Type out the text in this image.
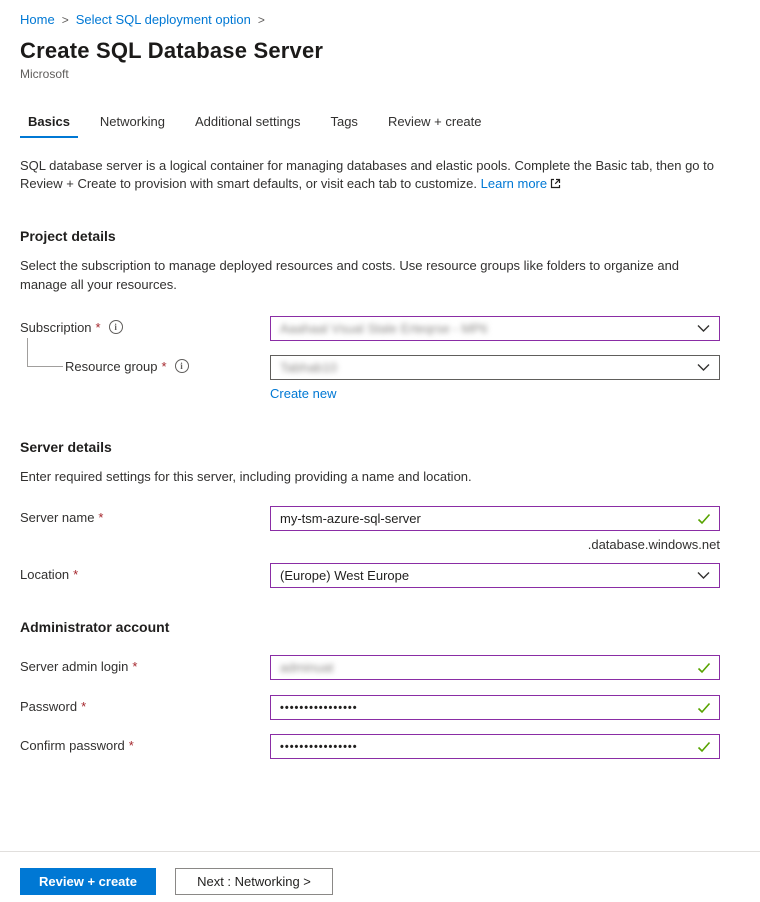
Home > Select SQL deployment option >
Create SQL Database Server
Microsoft
Basics	Networking	Additional settings	Tags	Review + create
SQL database server is a logical container for managing databases and elastic pools. Complete the Basic tab, then go to Review + Create to provision with smart defaults, or visit each tab to customize. Learn more
Project details
Select the subscription to manage deployed resources and costs. Use resource groups like folders to organize and manage all your resources.
Subscription *	i	Aaahaal Vsual Stale Erteqrse - MPti
Resource group *	i	Tabhab10
Create new
Server details
Enter required settings for this server, including providing a name and location.
Server name *
my-tsm-azure-sql-server
.database.windows.net
Location *	(Europe) West Europe
Administrator account
Server admin login *	adminuat
Password *
••••••••••••••••
Confirm password *
••••••••••••••••
Review + create	Next : Networking >
